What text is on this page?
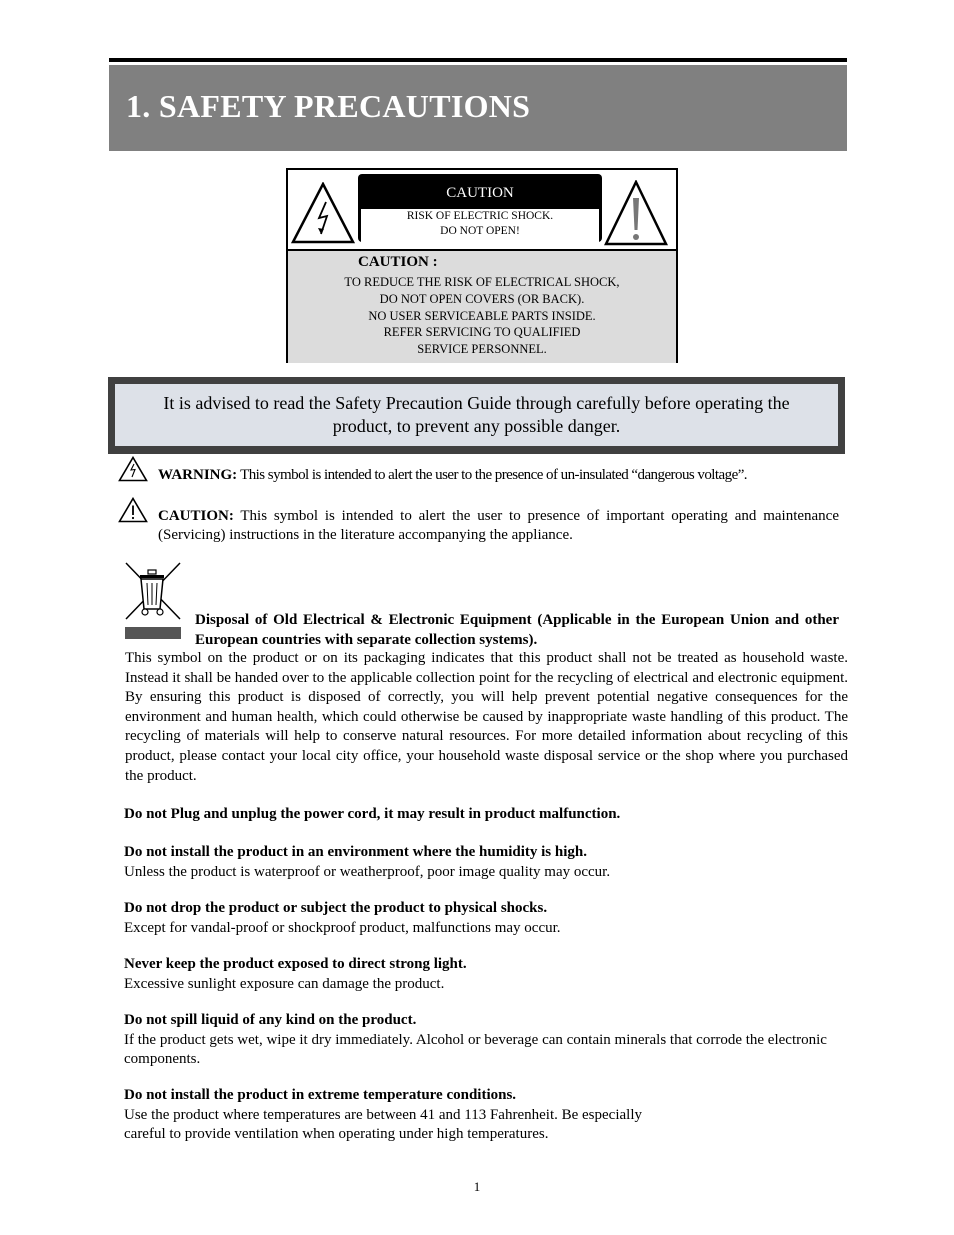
1. SAFETY PRECAUTIONS
CAUTION
RISK OF ELECTRIC SHOCK.
DO NOT OPEN!
CAUTION :
TO REDUCE THE RISK OF ELECTRICAL SHOCK,
DO NOT OPEN COVERS (OR BACK).
NO USER SERVICEABLE PARTS INSIDE.
REFER SERVICING TO QUALIFIED
SERVICE PERSONNEL.
It is advised to read the Safety Precaution Guide through carefully before operating the
product, to prevent any possible danger.
WARNING: This symbol is intended to alert the user to the presence of un-insulated “dangerous voltage”.
CAUTION: This symbol is intended to alert the user to presence of important operating and maintenance (Servicing) instructions in the literature accompanying the appliance.
Disposal of Old Electrical & Electronic Equipment (Applicable in the European Union and other European countries with separate collection systems).
This symbol on the product or on its packaging indicates that this product shall not be treated as household waste. Instead it shall be handed over to the applicable collection point for the recycling of electrical and electronic equipment. By ensuring this product is disposed of correctly, you will help prevent potential negative consequences for the environment and human health, which could otherwise be caused by inappropriate waste handling of this product. The recycling of materials will help to conserve natural resources. For more detailed information about recycling of this product, please contact your local city office, your household waste disposal service or the shop where you purchased the product.
Do not Plug and unplug the power cord, it may result in product malfunction.
Do not install the product in an environment where the humidity is high.
Unless the product is waterproof or weatherproof, poor image quality may occur.
Do not drop the product or subject the product to physical shocks.
Except for vandal-proof or shockproof product, malfunctions may occur.
Never keep the product exposed to direct strong light.
Excessive sunlight exposure can damage the product.
Do not spill liquid of any kind on the product.
If the product gets wet, wipe it dry immediately. Alcohol or beverage can contain minerals that corrode the electronic components.
Do not install the product in extreme temperature conditions.
Use the product where temperatures are between 41 and 113 Fahrenheit. Be especially
careful to provide ventilation when operating under high temperatures.
1
